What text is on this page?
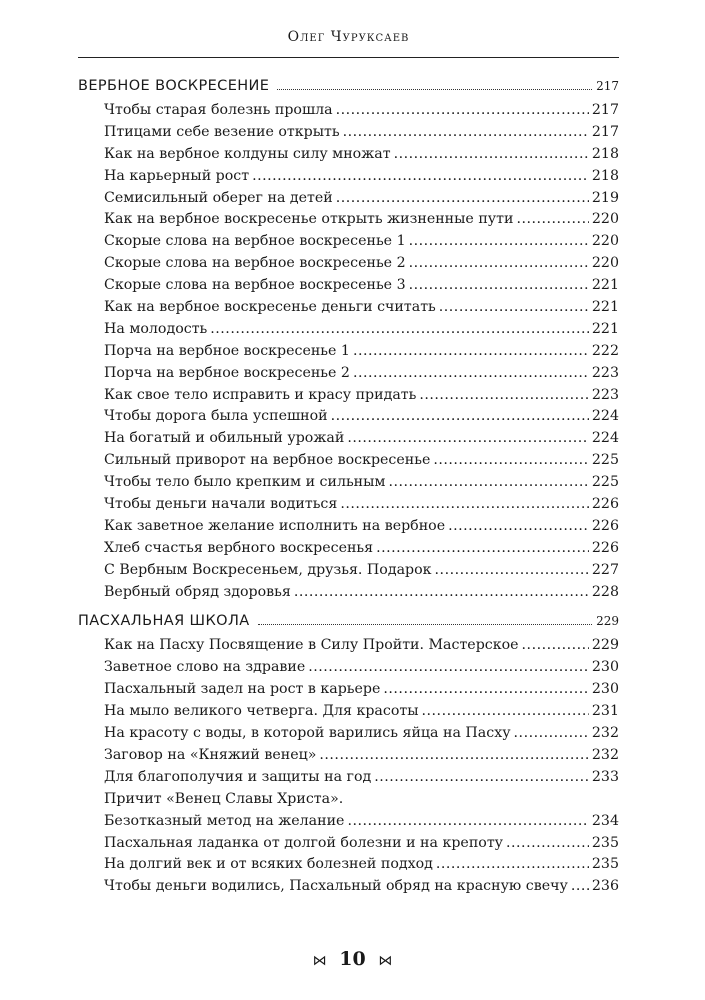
Олег Чуруксаев
ВЕРБНОЕ ВОСКРЕСЕНИЕ	217
Чтобы старая болезнь прошла .....	217
Птицами себе везение открыть .....	217
Как на вербное колдуны силу множат .....	218
На карьерный рост .....	218
Семисильный оберег на детей .....	219
Как на вербное воскресенье открыть жизненные пути .....	220
Скорые слова на вербное воскресенье 1 .....	220
Скорые слова на вербное воскресенье 2 .....	220
Скорые слова на вербное воскресенье 3 .....	221
Как на вербное воскресенье деньги считать .....	221
На молодость .....	221
Порча на вербное воскресенье 1 .....	222
Порча на вербное воскресенье 2 .....	223
Как свое тело исправить и красу придать .....	223
Чтобы дорога была успешной .....	224
На богатый и обильный урожай .....	224
Сильный приворот на вербное воскресенье .....	225
Чтобы тело было крепким и сильным .....	225
Чтобы деньги начали водиться .....	226
Как заветное желание исполнить на вербное .....	226
Хлеб счастья вербного воскресенья .....	226
С Вербным Воскресеньем, друзья. Подарок .....	227
Вербный обряд здоровья .....	228
ПАСХАЛЬНАЯ ШКОЛА	229
Как на Пасху Посвящение в Силу Пройти. Мастерское .....	229
Заветное слово на здравие .....	230
Пасхальный задел на рост в карьере .....	230
На мыло великого четверга. Для красоты .....	231
На красоту с воды, в которой варились яйца на Пасху .....	232
Заговор на «Княжий венец» .....	232
Для благополучия и защиты на год .....	233
Причит «Венец Славы Христа».
Безотказный метод на желание .....	234
Пасхальная ладанка от долгой болезни и на крепоту .....	235
На долгий век и от всяких болезней подход .....	235
Чтобы деньги водились, Пасхальный обряд на красную свечу ..... 236
⋈ 10 ⋈
